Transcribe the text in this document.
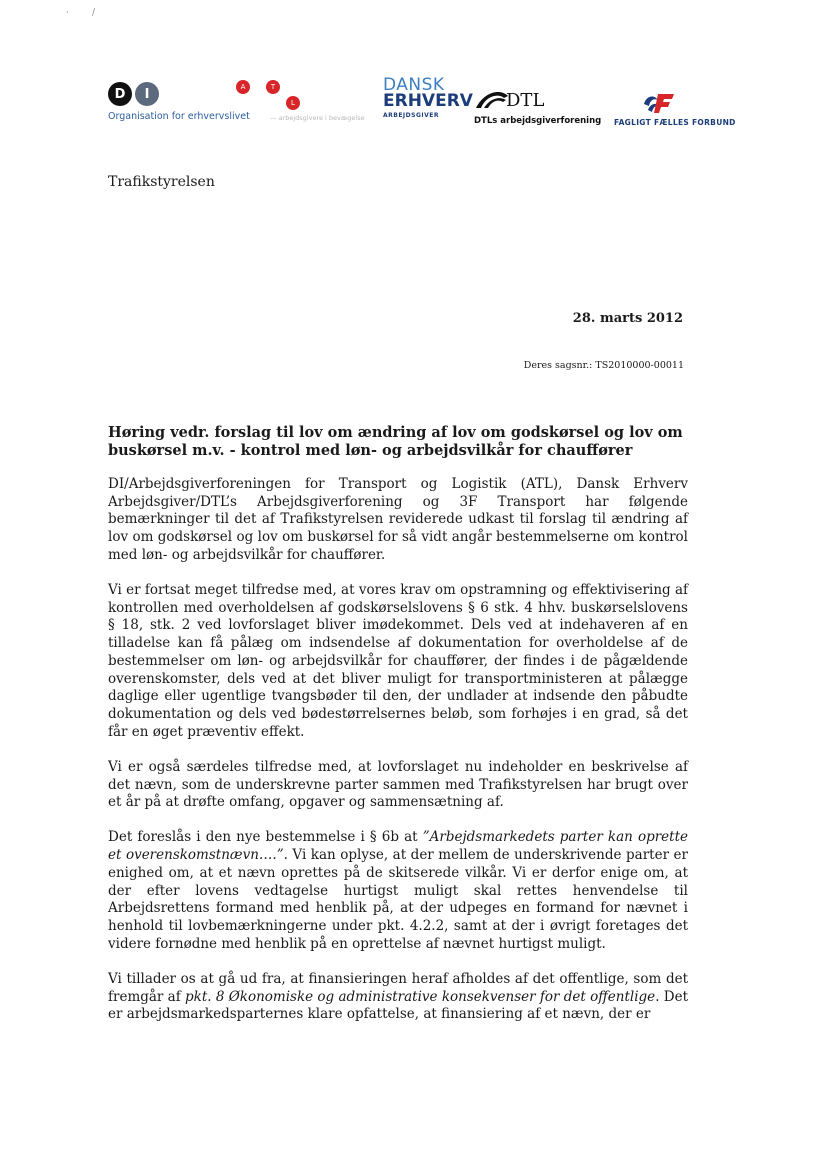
·	/
D	I
Organisation for erhvervslivet
A	T
L
— arbejdsgivere i bevægelse
DANSK
ERHVERV
ARBEJDSGIVER
DTL
DTLs arbejdsgiverforening FAGLIGT FÆLLES FORBUND
Trafikstyrelsen
28. marts 2012
Deres sagsnr.: TS2010000-00011
Høring vedr. forslag til lov om ændring af lov om godskørsel og lov om buskørsel m.v. - kontrol med løn- og arbejdsvilkår for chauffører

DI/Arbejdsgiverforeningen for Transport og Logistik (ATL), Dansk Erhverv Arbejdsgiver/DTL’s Arbejdsgiverforening og 3F Transport har følgende bemærkninger til det af Trafikstyrelsen reviderede udkast til forslag til ændring af lov om godskørsel og lov om buskørsel for så vidt angår bestemmelserne om kontrol med løn- og arbejdsvilkår for chauffører.

Vi er fortsat meget tilfredse med, at vores krav om opstramning og effektivisering af kontrollen med overholdelsen af godskørselslovens § 6 stk. 4 hhv. buskørselslovens § 18, stk. 2 ved lovforslaget bliver imødekommet. Dels ved at indehaveren af en tilladelse kan få pålæg om indsendelse af dokumentation for overholdelse af de bestemmelser om løn- og arbejdsvilkår for chauffører, der findes i de pågældende overenskomster, dels ved at det bliver muligt for transportministeren at pålægge daglige eller ugentlige tvangsbøder til den, der undlader at indsende den påbudte dokumentation og dels ved bødestørrelsernes beløb, som forhøjes i en grad, så det får en øget præventiv effekt.

Vi er også særdeles tilfredse med, at lovforslaget nu indeholder en beskrivelse af det nævn, som de underskrevne parter sammen med Trafikstyrelsen har brugt over et år på at drøfte omfang, opgaver og sammensætning af.

Det foreslås i den nye bestemmelse i § 6b at ”Arbejdsmarkedets parter kan oprette et overenskomstnævn….”. Vi kan oplyse, at der mellem de underskrivende parter er enighed om, at et nævn oprettes på de skitserede vilkår. Vi er derfor enige om, at der efter lovens vedtagelse hurtigst muligt skal rettes henvendelse til Arbejdsrettens formand med henblik på, at der udpeges en formand for nævnet i henhold til lovbemærkningerne under pkt. 4.2.2, samt at der i øvrigt foretages det videre fornødne med henblik på en oprettelse af nævnet hurtigst muligt.

Vi tillader os at gå ud fra, at finansieringen heraf afholdes af det offentlige, som det fremgår af pkt. 8 Økonomiske og administrative konsekvenser for det offentlige. Det er arbejdsmarkedsparternes klare opfattelse, at finansiering af et nævn, der er
